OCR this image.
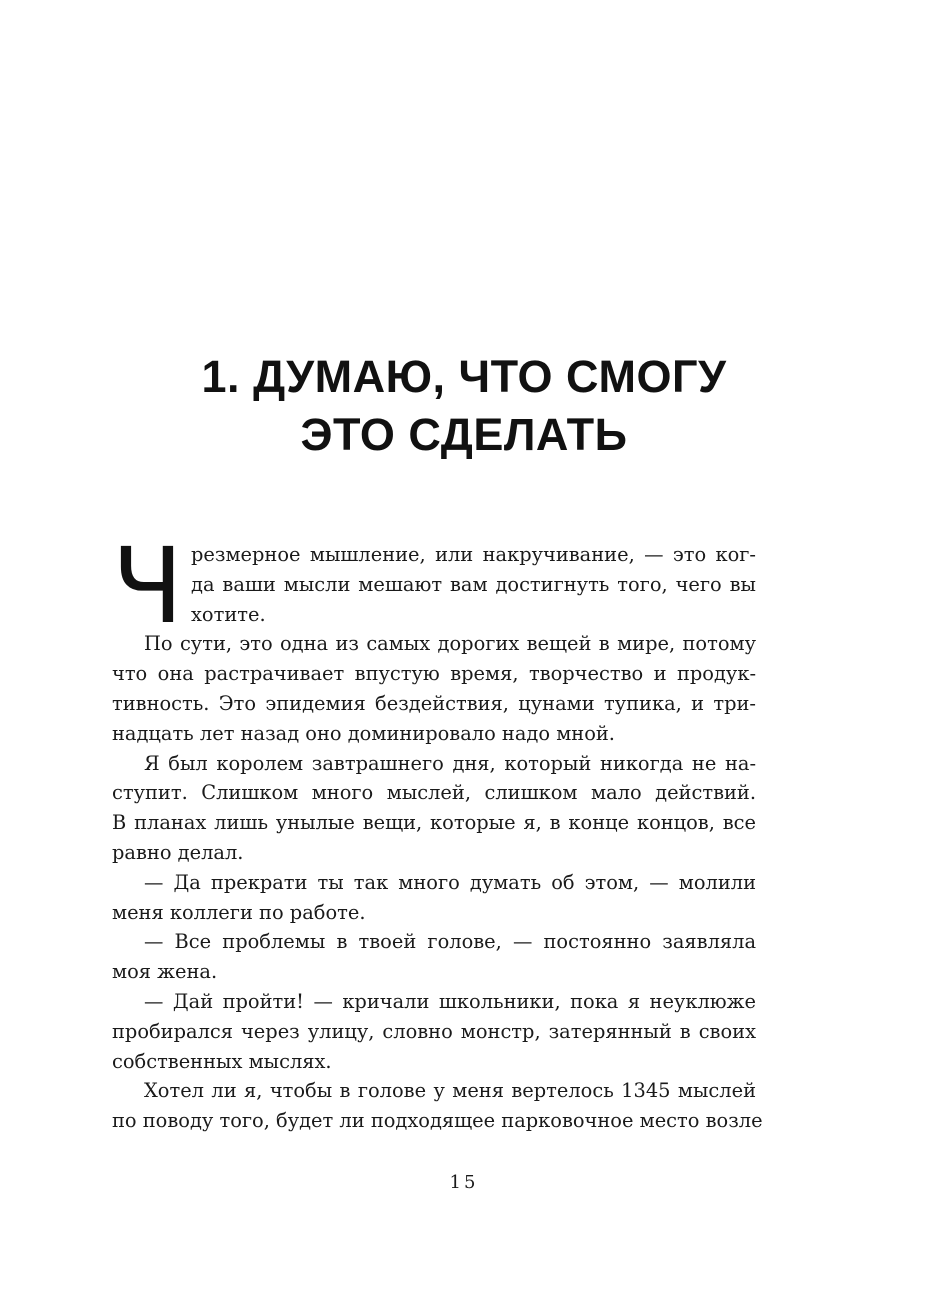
1. ДУМАЮ, ЧТО СМОГУ
ЭТО СДЕЛАТЬ
Ч резмерное мышление, или накручивание, — это ког-
да ваши мысли мешают вам достигнуть того, чего вы
хотите.
По сути, это одна из самых дорогих вещей в мире, потому
что она растрачивает впустую время, творчество и продук-
тивность. Это эпидемия бездействия, цунами тупика, и три-
надцать лет назад оно доминировало надо мной.
Я был королем завтрашнего дня, который никогда не на-
ступит. Слишком много мыслей, слишком мало действий.
В планах лишь унылые вещи, которые я, в конце концов, все
равно делал.
— Да прекрати ты так много думать об этом, — молили
меня коллеги по работе.
— Все проблемы в твоей голове, — постоянно заявляла
моя жена.
— Дай пройти! — кричали школьники, пока я неуклюже
пробирался через улицу, словно монстр, затерянный в своих
собственных мыслях.
Хотел ли я, чтобы в голове у меня вертелось 1345 мыслей
по поводу того, будет ли подходящее парковочное место возле
15
